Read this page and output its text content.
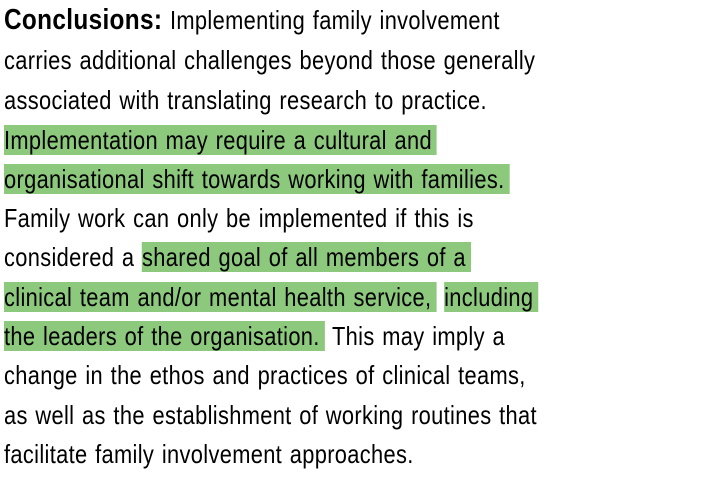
Conclusions: Implementing family involvement
carries additional challenges beyond those generally
associated with translating research to practice.
Implementation may require a cultural and
organisational shift towards working with families.
Family work can only be implemented if this is
considered a shared goal of all members of a
clinical team and/or mental health service, including
the leaders of the organisation. This may imply a
change in the ethos and practices of clinical teams,
as well as the establishment of working routines that
facilitate family involvement approaches.
